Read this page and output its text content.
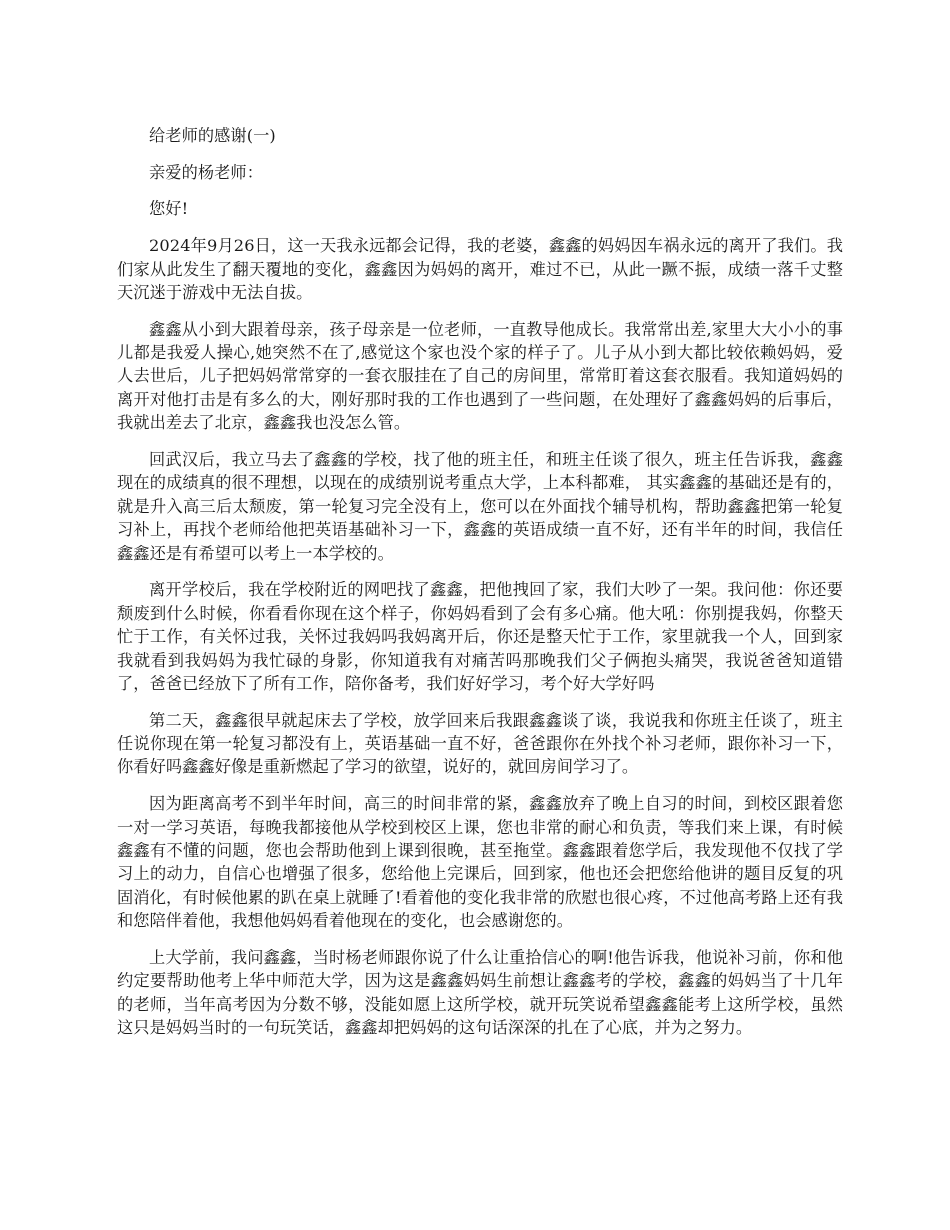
给老师的感谢(一)

亲爱的杨老师：

您好!

2024年9月26日，这一天我永远都会记得，我的老婆，鑫鑫的妈妈因车祸永远的离开了我们。我们家从此发生了翻天覆地的变化，鑫鑫因为妈妈的离开，难过不已，从此一蹶不振，成绩一落千丈整天沉迷于游戏中无法自拔。

鑫鑫从小到大跟着母亲，孩子母亲是一位老师，一直教导他成长。我常常出差,家里大大小小的事儿都是我爱人操心,她突然不在了,感觉这个家也没个家的样子了。儿子从小到大都比较依赖妈妈，爱人去世后，儿子把妈妈常常穿的一套衣服挂在了自己的房间里，常常盯着这套衣服看。我知道妈妈的离开对他打击是有多么的大，刚好那时我的工作也遇到了一些问题，在处理好了鑫鑫妈妈的后事后，我就出差去了北京，鑫鑫我也没怎么管。

回武汉后，我立马去了鑫鑫的学校，找了他的班主任，和班主任谈了很久，班主任告诉我，鑫鑫现在的成绩真的很不理想，以现在的成绩别说考重点大学，上本科都难， 其实鑫鑫的基础还是有的，就是升入高三后太颓废，第一轮复习完全没有上，您可以在外面找个辅导机构，帮助鑫鑫把第一轮复习补上，再找个老师给他把英语基础补习一下，鑫鑫的英语成绩一直不好，还有半年的时间，我信任鑫鑫还是有希望可以考上一本学校的。

离开学校后，我在学校附近的网吧找了鑫鑫，把他拽回了家，我们大吵了一架。我问他：你还要颓废到什么时候，你看看你现在这个样子，你妈妈看到了会有多心痛。他大吼：你别提我妈，你整天忙于工作，有关怀过我，关怀过我妈吗我妈离开后，你还是整天忙于工作，家里就我一个人，回到家我就看到我妈妈为我忙碌的身影，你知道我有对痛苦吗那晚我们父子俩抱头痛哭，我说爸爸知道错了，爸爸已经放下了所有工作，陪你备考，我们好好学习，考个好大学好吗

第二天，鑫鑫很早就起床去了学校，放学回来后我跟鑫鑫谈了谈，我说我和你班主任谈了，班主任说你现在第一轮复习都没有上，英语基础一直不好，爸爸跟你在外找个补习老师，跟你补习一下，你看好吗鑫鑫好像是重新燃起了学习的欲望，说好的，就回房间学习了。

因为距离高考不到半年时间，高三的时间非常的紧，鑫鑫放弃了晚上自习的时间，到校区跟着您一对一学习英语，每晚我都接他从学校到校区上课，您也非常的耐心和负责，等我们来上课，有时候鑫鑫有不懂的问题，您也会帮助他到上课到很晚，甚至拖堂。鑫鑫跟着您学后，我发现他不仅找了学习上的动力，自信心也增强了很多，您给他上完课后，回到家，他也还会把您给他讲的题目反复的巩固消化，有时候他累的趴在桌上就睡了!看着他的变化我非常的欣慰也很心疼，不过他高考路上还有我和您陪伴着他，我想他妈妈看着他现在的变化，也会感谢您的。

上大学前，我问鑫鑫，当时杨老师跟你说了什么让重拾信心的啊!他告诉我，他说补习前，你和他约定要帮助他考上华中师范大学，因为这是鑫鑫妈妈生前想让鑫鑫考的学校，鑫鑫的妈妈当了十几年的老师，当年高考因为分数不够，没能如愿上这所学校，就开玩笑说希望鑫鑫能考上这所学校，虽然这只是妈妈当时的一句玩笑话，鑫鑫却把妈妈的这句话深深的扎在了心底，并为之努力。
